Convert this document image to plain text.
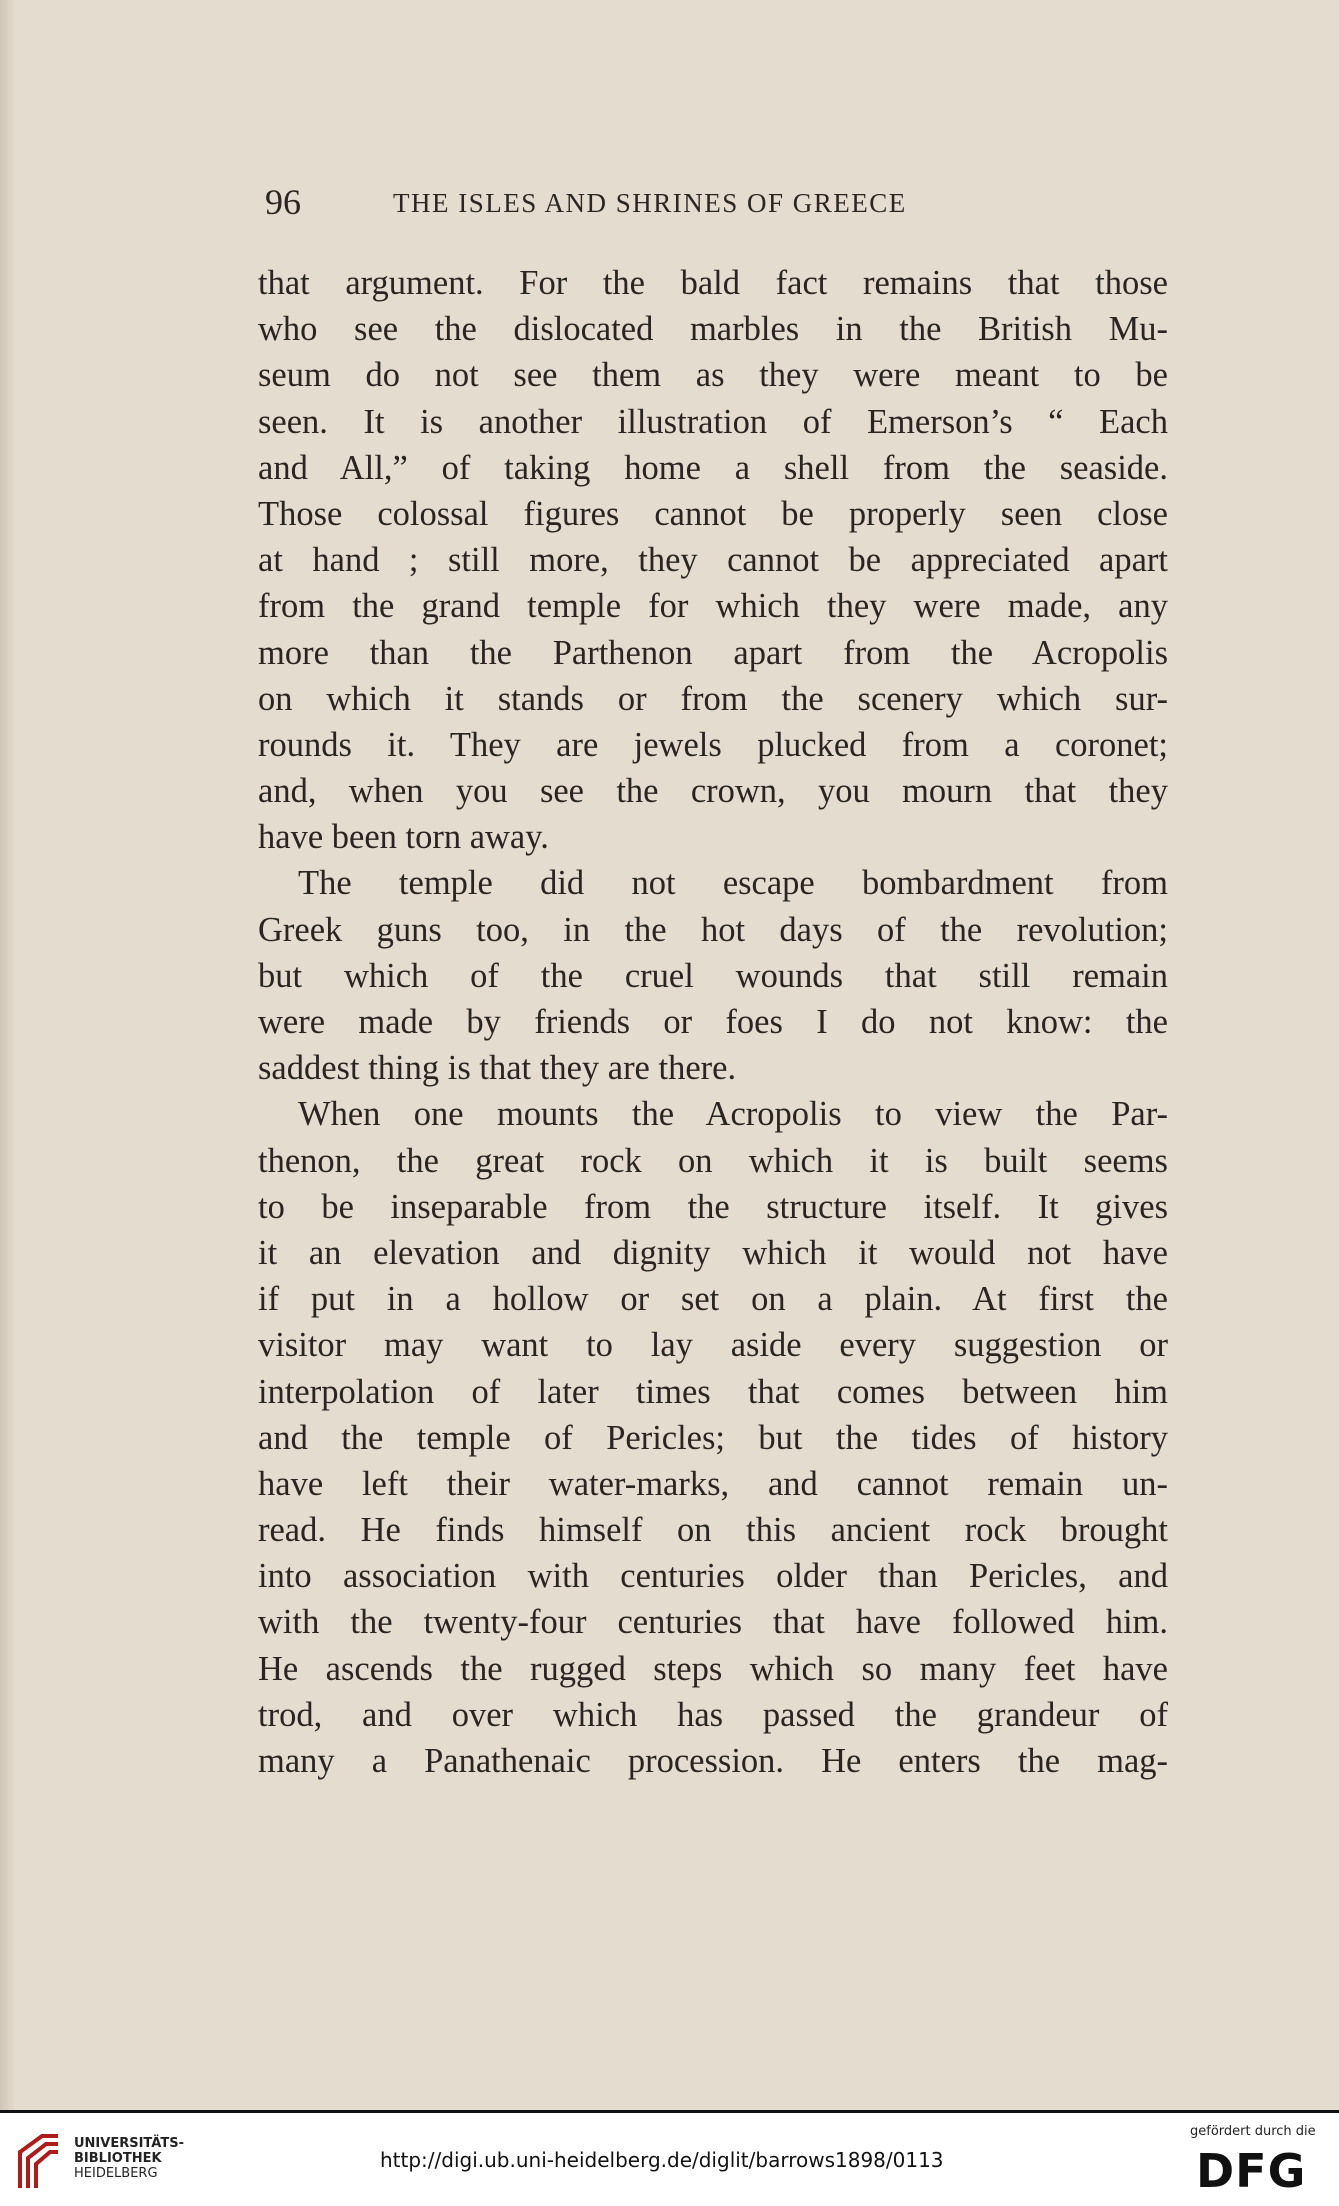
96	THE ISLES AND SHRINES OF GREECE
that argument. For the bald fact remains that those
who see the dislocated marbles in the British Mu-
seum do not see them as they were meant to be
seen. It is another illustration of Emerson’s “ Each
and All,” of taking home a shell from the seaside.
Those colossal figures cannot be properly seen close
at hand ; still more, they cannot be appreciated apart
from the grand temple for which they were made, any
more than the Parthenon apart from the Acropolis
on which it stands or from the scenery which sur-
rounds it. They are jewels plucked from a coronet;
and, when you see the crown, you mourn that they
have been torn away.
The temple did not escape bombardment from
Greek guns too, in the hot days of the revolution;
but which of the cruel wounds that still remain
were made by friends or foes I do not know: the
saddest thing is that they are there.
When one mounts the Acropolis to view the Par-
thenon, the great rock on which it is built seems
to be inseparable from the structure itself. It gives
it an elevation and dignity which it would not have
if put in a hollow or set on a plain. At first the
visitor may want to lay aside every suggestion or
interpolation of later times that comes between him
and the temple of Pericles; but the tides of history
have left their water-marks, and cannot remain un-
read. He finds himself on this ancient rock brought
into association with centuries older than Pericles, and
with the twenty-four centuries that have followed him.
He ascends the rugged steps which so many feet have
trod, and over which has passed the grandeur of
many a Panathenaic procession. He enters the mag-
UNIVERSITÄTS-
BIBLIOTHEK
HEIDELBERG
http://digi.ub.uni-heidelberg.de/diglit/barrows1898/0113
gefördert durch die
DFG
